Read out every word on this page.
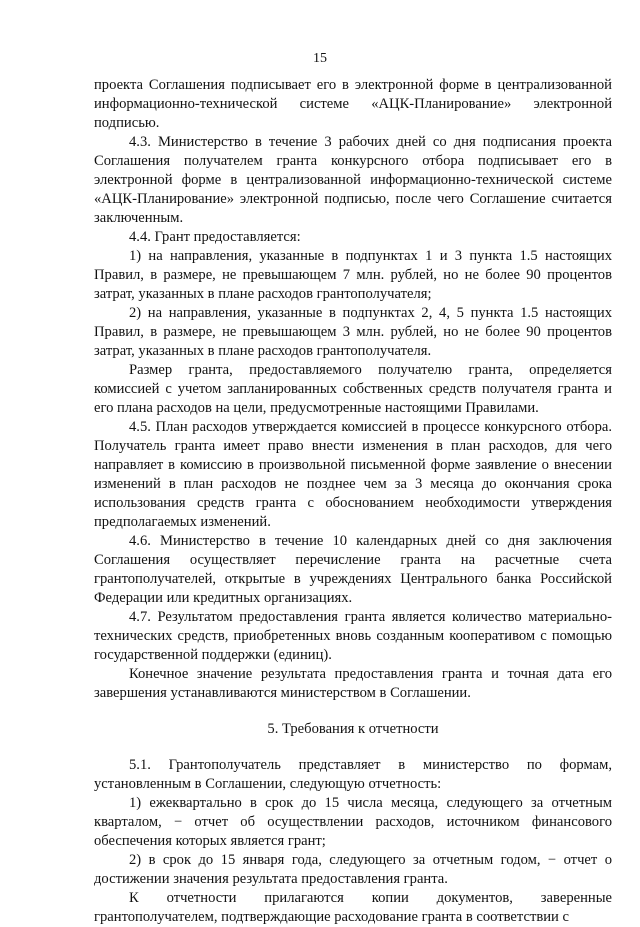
15

проекта Соглашения подписывает его в электронной форме в централизованной информационно-технической системе «АЦК-Планирование» электронной подписью.

4.3. Министерство в течение 3 рабочих дней со дня подписания проекта Соглашения получателем гранта конкурсного отбора подписывает его в электронной форме в централизованной информационно-технической системе «АЦК-Планирование» электронной подписью, после чего Соглашение считается заключенным.

4.4. Грант предоставляется:

1) на направления, указанные в подпунктах 1 и 3 пункта 1.5 настоящих Правил, в размере, не превышающем 7 млн. рублей, но не более 90 процентов затрат, указанных в плане расходов грантополучателя;

2) на направления, указанные в подпунктах 2, 4, 5 пункта 1.5 настоящих Правил, в размере, не превышающем 3 млн. рублей, но не более 90 процентов затрат, указанных в плане расходов грантополучателя.

Размер гранта, предоставляемого получателю гранта, определяется комиссией с учетом запланированных собственных средств получателя гранта и его плана расходов на цели, предусмотренные настоящими Правилами.

4.5. План расходов утверждается комиссией в процессе конкурсного отбора. Получатель гранта имеет право внести изменения в план расходов, для чего направляет в комиссию в произвольной письменной форме заявление о внесении изменений в план расходов не позднее чем за 3 месяца до окончания срока использования средств гранта с обоснованием необходимости утверждения предполагаемых изменений.

4.6. Министерство в течение 10 календарных дней со дня заключения Соглашения осуществляет перечисление гранта на расчетные счета грантополучателей, открытые в учреждениях Центрального банка Российской Федерации или кредитных организациях.

4.7. Результатом предоставления гранта является количество материально-технических средств, приобретенных вновь созданным кооперативом с помощью государственной поддержки (единиц).

Конечное значение результата предоставления гранта и точная дата его завершения устанавливаются министерством в Соглашении.

5. Требования к отчетности

5.1. Грантополучатель представляет в министерство по формам, установленным в Соглашении, следующую отчетность:

1) ежеквартально в срок до 15 числа месяца, следующего за отчетным кварталом, − отчет об осуществлении расходов, источником финансового обеспечения которых является грант;

2) в срок до 15 января года, следующего за отчетным годом, − отчет о достижении значения результата предоставления гранта.

К отчетности прилагаются копии документов, заверенные грантополучателем, подтверждающие расходование гранта в соответствии с
